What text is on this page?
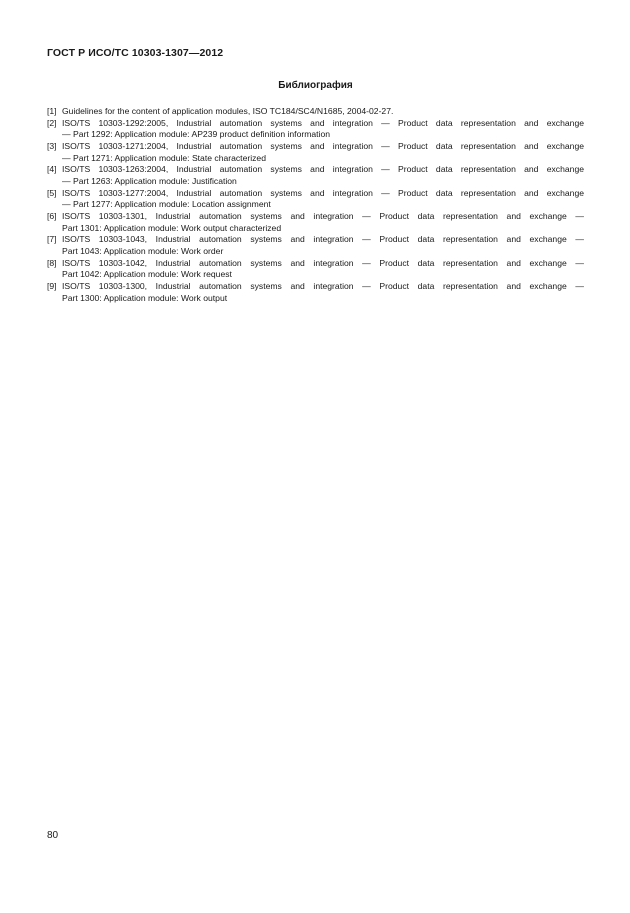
ГОСТ Р ИСО/ТС 10303-1307—2012
Библиография
[1] Guidelines for the content of application modules, ISO TC184/SC4/N1685, 2004-02-27.
[2] ISO/TS 10303-1292:2005, Industrial automation systems and integration — Product data representation and exchange
— Part 1292: Application module: AP239 product definition information
[3] ISO/TS 10303-1271:2004, Industrial automation systems and integration — Product data representation and exchange
— Part 1271: Application module: State characterized
[4] ISO/TS 10303-1263:2004, Industrial automation systems and integration — Product data representation and exchange
— Part 1263: Application module: Justification
[5] ISO/TS 10303-1277:2004, Industrial automation systems and integration — Product data representation and exchange
— Part 1277: Application module: Location assignment
[6] ISO/TS 10303-1301, Industrial automation systems and integration — Product data representation and exchange —
Part 1301: Application module: Work output characterized
[7] ISO/TS 10303-1043, Industrial automation systems and integration — Product data representation and exchange —
Part 1043: Application module: Work order
[8] ISO/TS 10303-1042, Industrial automation systems and integration — Product data representation and exchange —
Part 1042: Application module: Work request
[9] ISO/TS 10303-1300, Industrial automation systems and integration — Product data representation and exchange —
Part 1300: Application module: Work output
80
